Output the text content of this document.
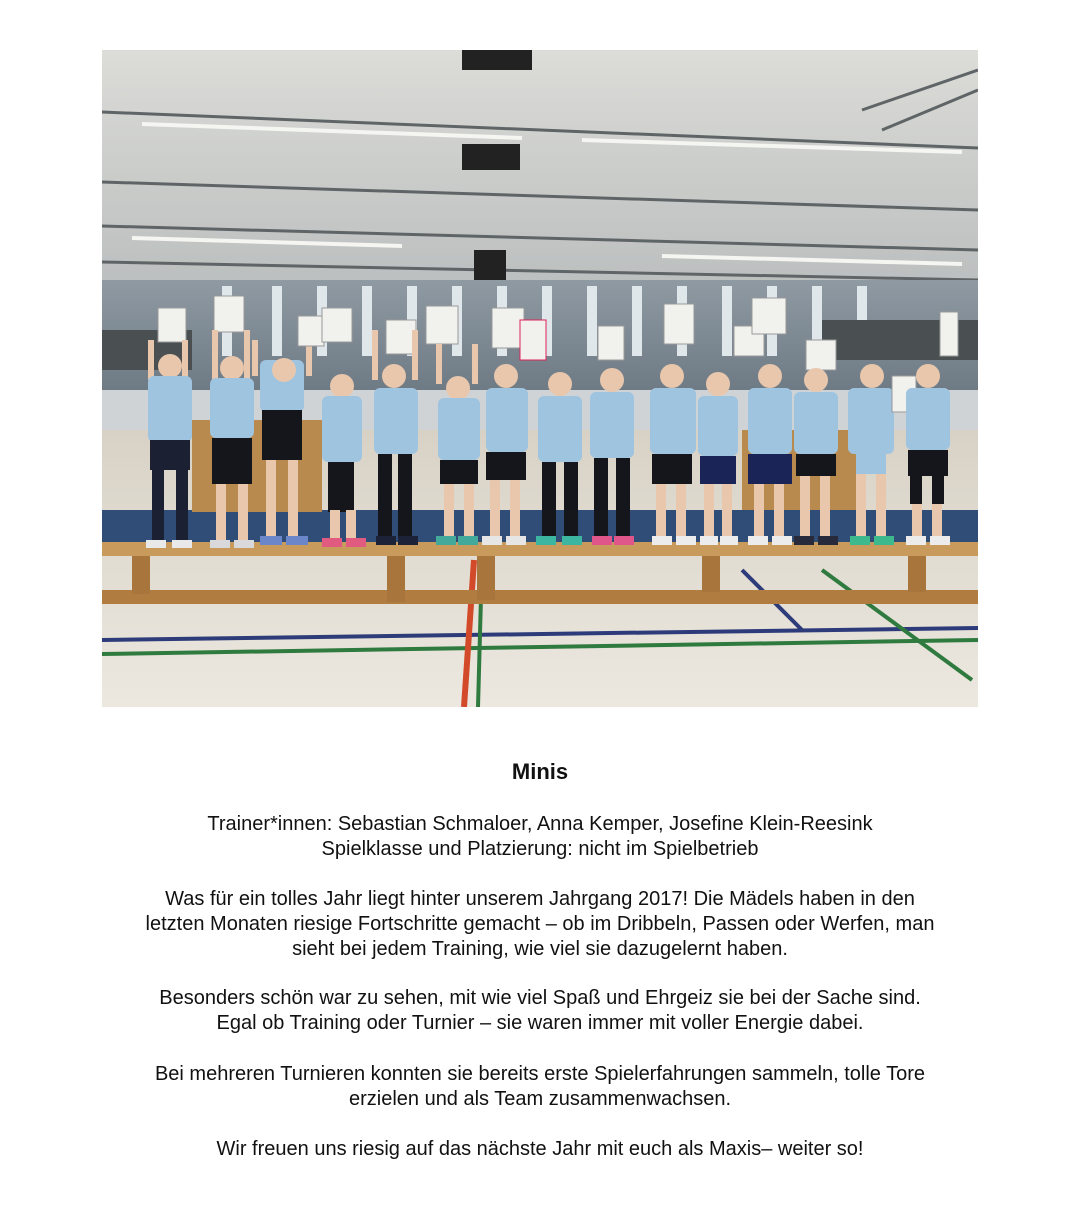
Minis

Trainer*innen: Sebastian Schmaloer, Anna Kemper, Josefine Klein-Reesink

Spielklasse und Platzierung: nicht im Spielbetrieb

Was für ein tolles Jahr liegt hinter unserem Jahrgang 2017! Die Mädels haben in den

letzten Monaten riesige Fortschritte gemacht – ob im Dribbeln, Passen oder Werfen, man

sieht bei jedem Training, wie viel sie dazugelernt haben.

Besonders schön war zu sehen, mit wie viel Spaß und Ehrgeiz sie bei der Sache sind.

Egal ob Training oder Turnier – sie waren immer mit voller Energie dabei.

Bei mehreren Turnieren konnten sie bereits erste Spielerfahrungen sammeln, tolle Tore

erzielen und als Team zusammenwachsen.

Wir freuen uns riesig auf das nächste Jahr mit euch als Maxis– weiter so!
